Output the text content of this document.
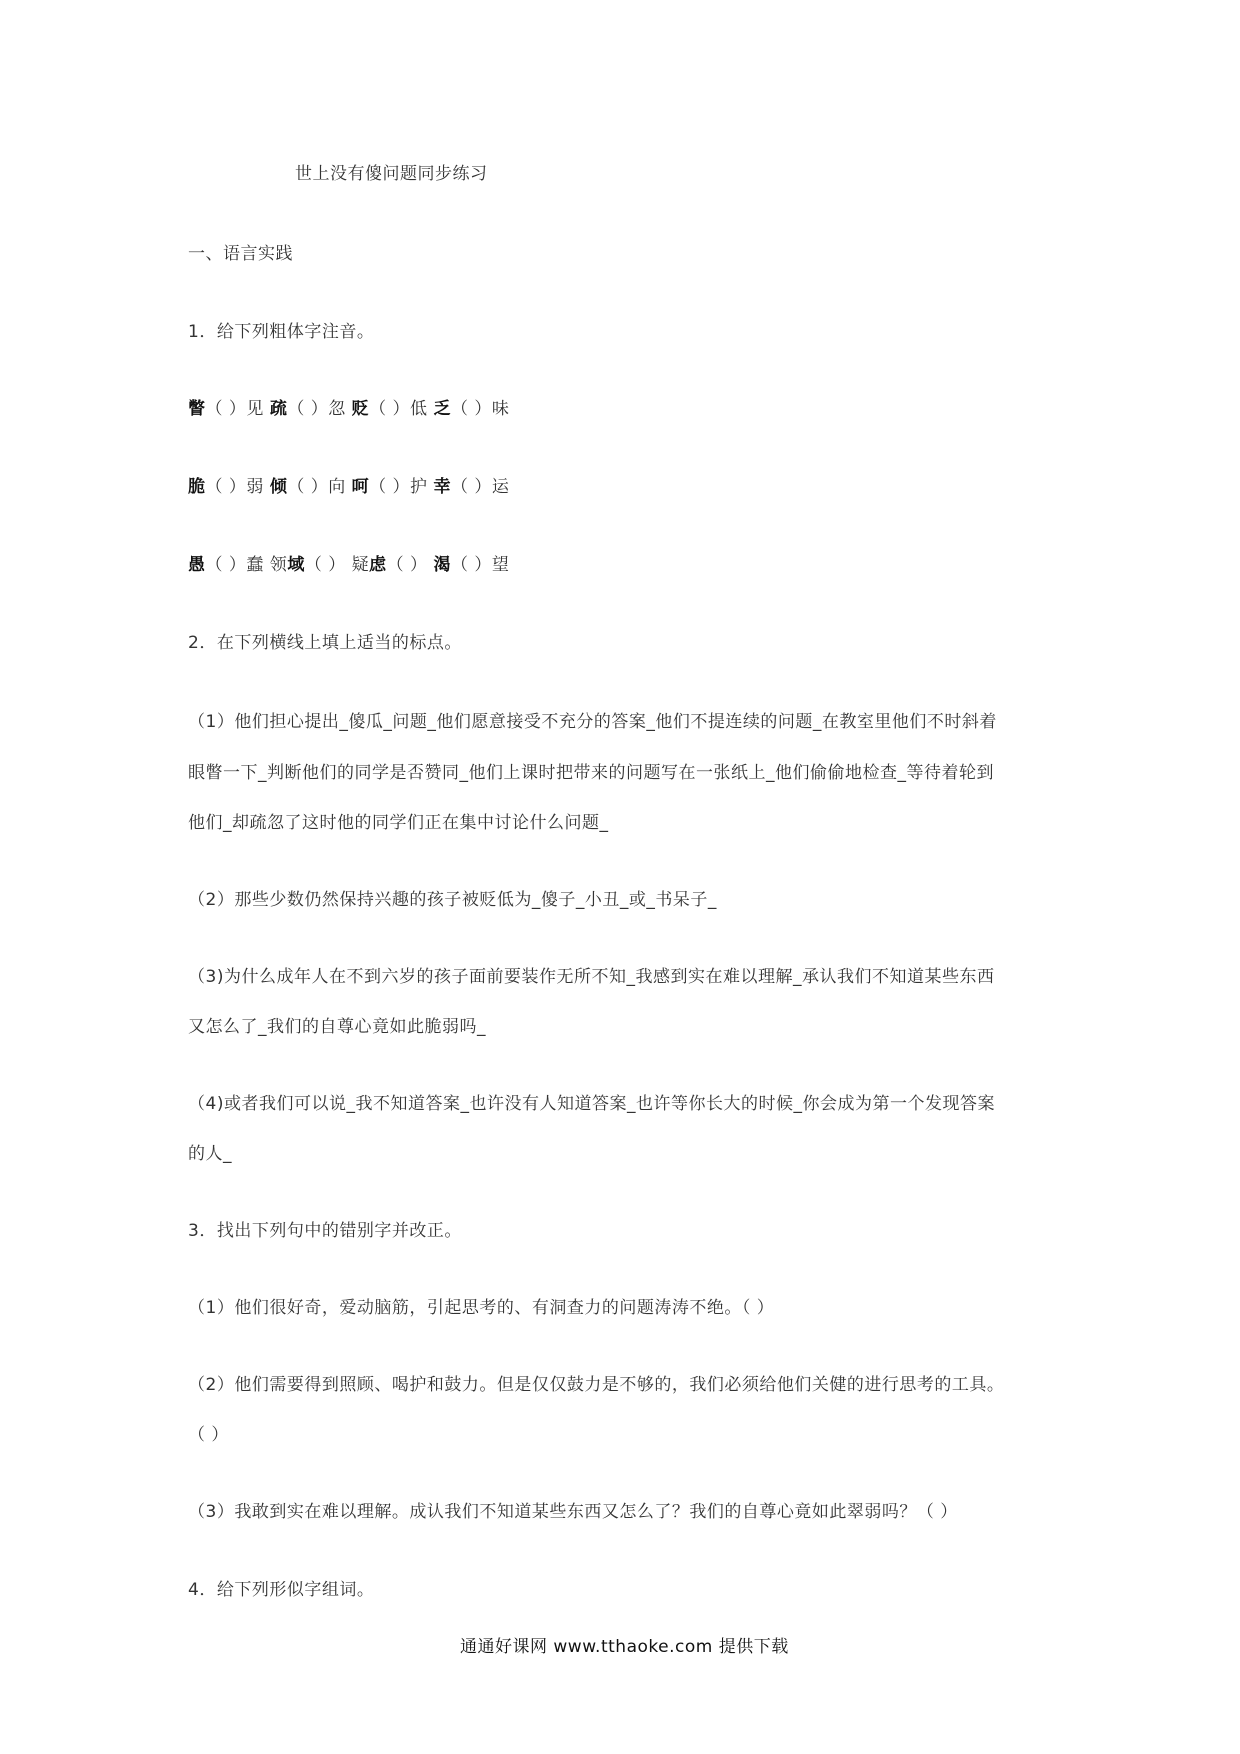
世上没有傻问题同步练习
一、语言实践
1．给下列粗体字注音。
瞥（ ）见 疏（ ）忽 贬（ ）低 乏（ ）味
脆（ ）弱 倾（ ）向 呵（ ）护 幸（ ）运
愚（ ）蠢 领域（ ） 疑虑（ ） 渴（ ）望
2．在下列横线上填上适当的标点。
（1）他们担心提出_傻瓜_问题_他们愿意接受不充分的答案_他们不提连续的问题_在教室里他们不时斜着
眼瞥一下_判断他们的同学是否赞同_他们上课时把带来的问题写在一张纸上_他们偷偷地检查_等待着轮到
他们_却疏忽了这时他的同学们正在集中讨论什么问题_
（2）那些少数仍然保持兴趣的孩子被贬低为_傻子_小丑_或_书呆子_
（3)为什么成年人在不到六岁的孩子面前要装作无所不知_我感到实在难以理解_承认我们不知道某些东西
又怎么了_我们的自尊心竟如此脆弱吗_
（4)或者我们可以说_我不知道答案_也许没有人知道答案_也许等你长大的时候_你会成为第一个发现答案
的人_
3．找出下列句中的错别字并改正。
（1）他们很好奇，爱动脑筋，引起思考的、有洞查力的问题涛涛不绝。（ ）
（2）他们需要得到照顾、喝护和鼓力。但是仅仅鼓力是不够的，我们必须给他们关健的进行思考的工具。
（ ）
（3）我敢到实在难以理解。成认我们不知道某些东西又怎么了？我们的自尊心竟如此翠弱吗？（ ）
4．给下列形似字组词。
通通好课网 www.tthaoke.com 提供下载
